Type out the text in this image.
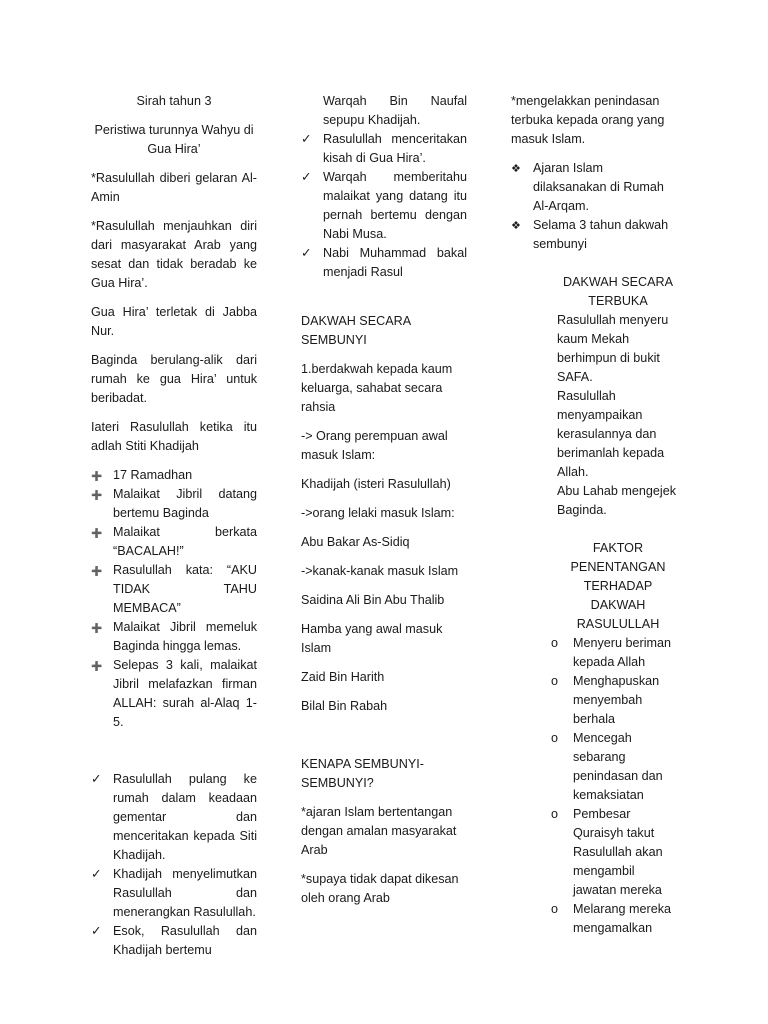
Sirah tahun 3

Peristiwa turunnya Wahyu di Gua Hira’

*Rasulullah diberi gelaran Al-Amin

*Rasulullah menjauhkan diri dari masyarakat Arab yang sesat dan tidak beradab ke Gua Hira’.

Gua Hira’ terletak di Jabba Nur.

Baginda berulang-alik dari rumah ke gua Hira’ untuk beribadat.

Iateri Rasulullah ketika itu adlah Stiti Khadijah

➕
17 Ramadhan
➕
Malaikat Jibril datang bertemu Baginda
➕
Malaikat berkata “BACALAH!”
➕
Rasulullah kata: “AKU TIDAK TAHU MEMBACA”
➕
Malaikat Jibril memeluk Baginda hingga lemas.
➕
Selepas 3 kali, malaikat Jibril melafazkan firman ALLAH: surah al-Alaq 1-5.
✓
Rasulullah pulang ke rumah dalam keadaan gementar dan menceritakan kepada Siti Khadijah.
✓
Khadijah menyelimutkan Rasulullah dan menerangkan Rasulullah.
✓
Esok, Rasulullah dan Khadijah bertemu

Warqah Bin Naufal sepupu Khadijah.

✓
Rasulullah menceritakan kisah di Gua Hira’.
✓
Warqah memberitahu malaikat yang datang itu pernah bertemu dengan Nabi Musa.
✓
Nabi Muhammad bakal menjadi Rasul

DAKWAH SECARA SEMBUNYI

1.berdakwah kepada kaum keluarga, sahabat secara rahsia

-> Orang perempuan awal masuk Islam:

Khadijah (isteri Rasulullah)

->orang lelaki masuk Islam:

Abu Bakar As-Sidiq

->kanak-kanak masuk Islam

Saidina Ali Bin Abu Thalib

Hamba yang awal masuk Islam

Zaid Bin Harith

Bilal Bin Rabah

KENAPA SEMBUNYI-SEMBUNYI?

*ajaran Islam bertentangan dengan amalan masyarakat Arab

*supaya tidak dapat dikesan oleh orang Arab

*mengelakkan penindasan terbuka kepada orang yang masuk Islam.

❖
Ajaran Islam dilaksanakan di Rumah Al-Arqam.
❖
Selama 3 tahun dakwah sembunyi

DAKWAH SECARA TERBUKA

Rasulullah menyeru kaum Mekah berhimpun di bukit SAFA.

Rasulullah menyampaikan kerasulannya dan berimanlah kepada Allah.

Abu Lahab mengejek Baginda.

FAKTOR PENENTANGAN TERHADAP DAKWAH RASULULLAH

o
Menyeru beriman kepada Allah
o
Menghapuskan menyembah berhala
o
Mencegah sebarang penindasan dan kemaksiatan
o
Pembesar Quraisyh takut Rasulullah akan mengambil jawatan mereka
o
Melarang mereka mengamalkan
